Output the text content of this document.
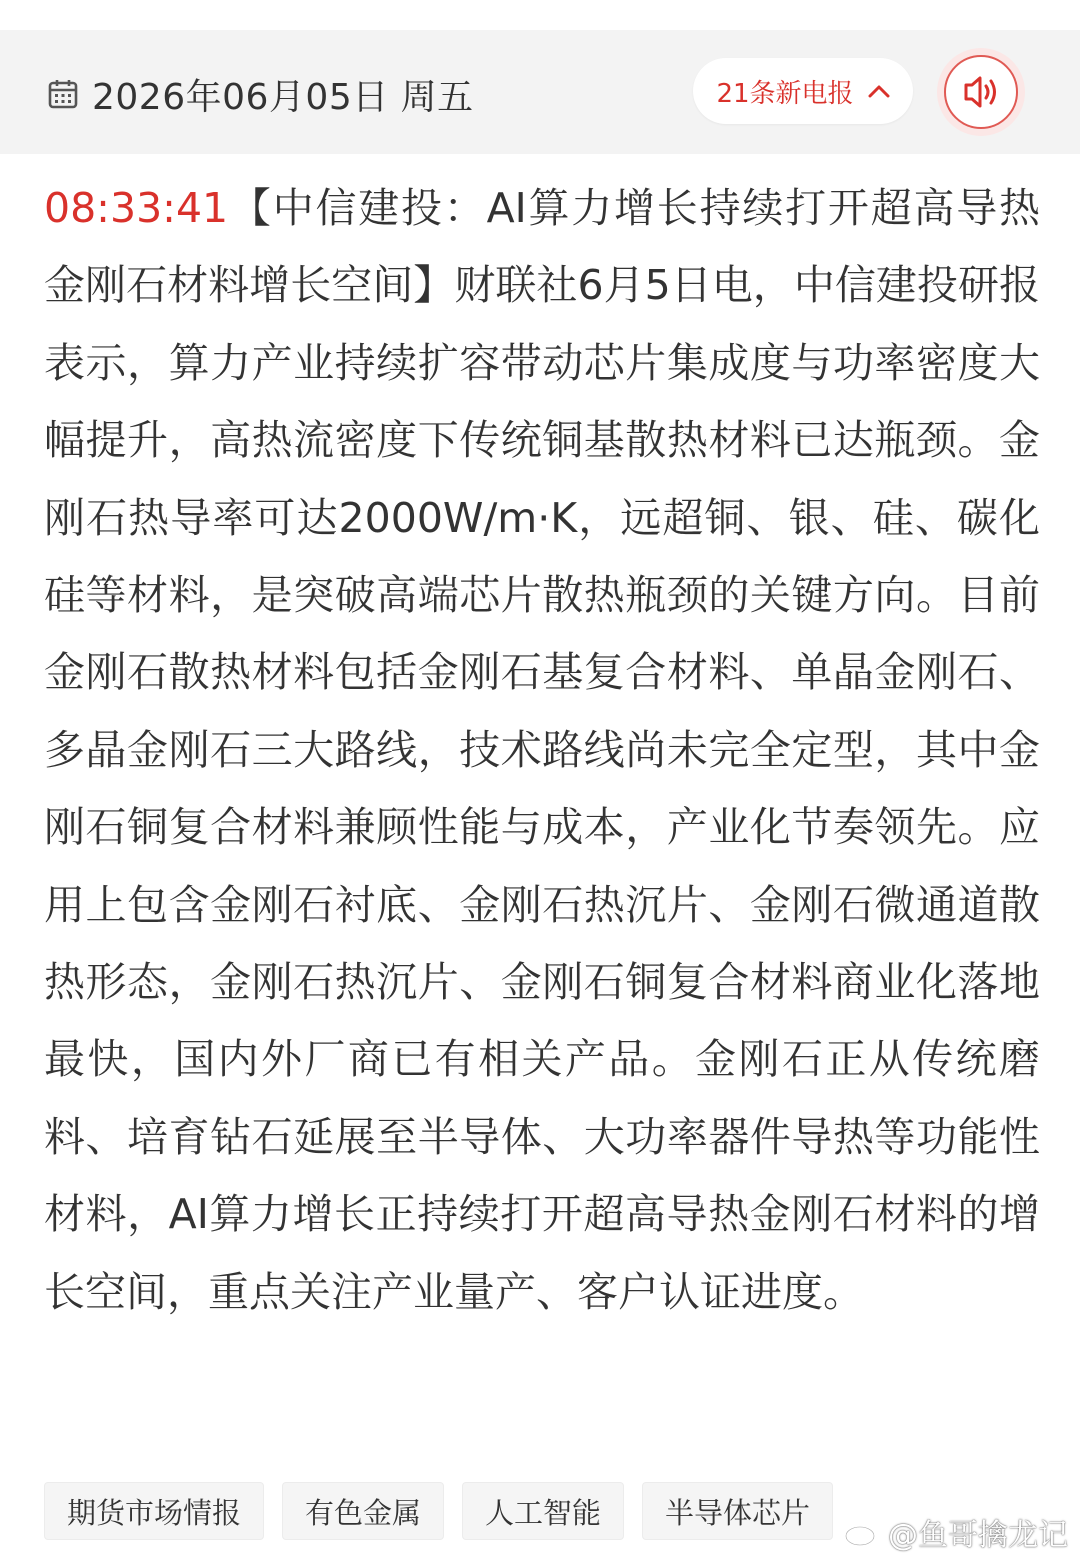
2026年06月05日 周五	21条新电报
08:33:41【中信建投：AI算力增长持续打开超高导热金刚石材料增长空间】财联社6月5日电，中信建投研报表示，算力产业持续扩容带动芯片集成度与功率密度大幅提升，高热流密度下传统铜基散热材料已达瓶颈。金刚石热导率可达2000W/m·K，远超铜、银、硅、碳化硅等材料，是突破高端芯片散热瓶颈的关键方向。目前金刚石散热材料包括金刚石基复合材料、单晶金刚石、多晶金刚石三大路线，技术路线尚未完全定型，其中金刚石铜复合材料兼顾性能与成本，产业化节奏领先。应用上包含金刚石衬底、金刚石热沉片、金刚石微通道散热形态，金刚石热沉片、金刚石铜复合材料商业化落地最快，国内外厂商已有相关产品。金刚石正从传统磨料、培育钻石延展至半导体、大功率器件导热等功能性材料，AI算力增长正持续打开超高导热金刚石材料的增长空间，重点关注产业量产、客户认证进度。
期货市场情报	有色金属	人工智能	半导体芯片
@鱼哥擒龙记
